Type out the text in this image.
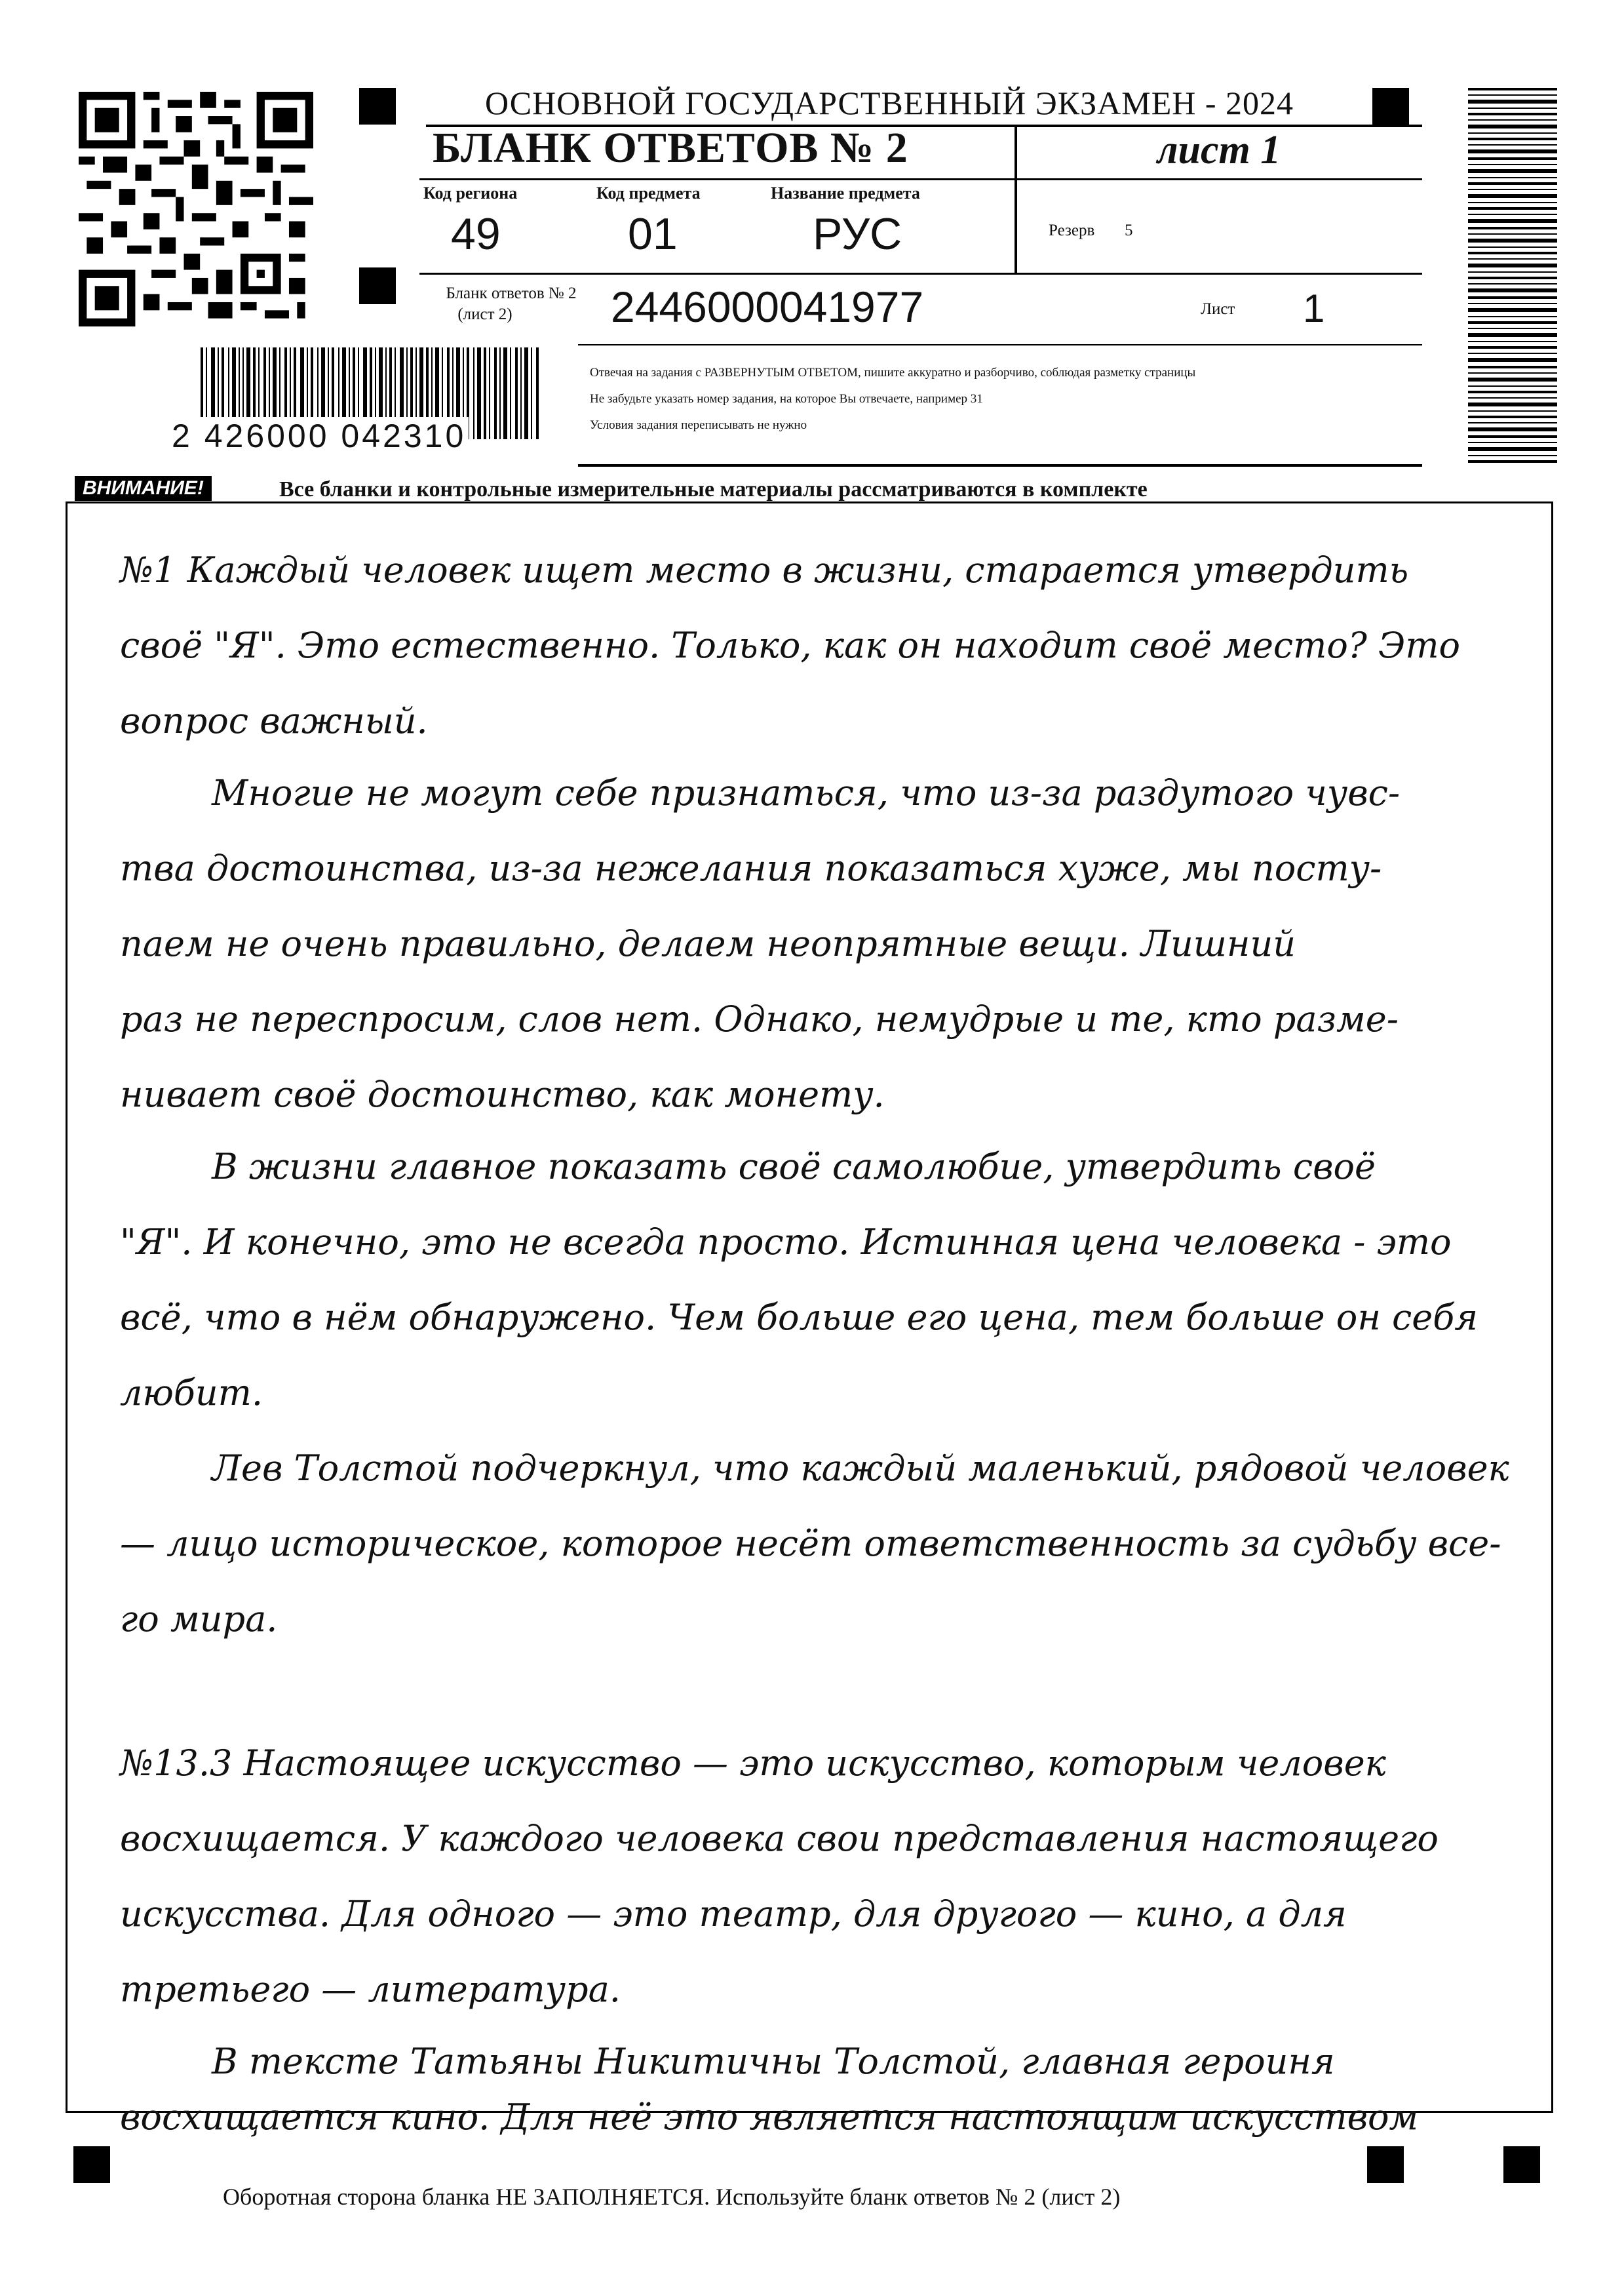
ОСНОВНОЙ ГОСУДАРСТВЕННЫЙ ЭКЗАМЕН - 2024
БЛАНК ОТВЕТОВ № 2	лист 1
Код региона
49
Код предмета
01
Название предмета
РУС	Резерв 5
Бланк ответов № 2
(лист 2)	2446000041977	Лист 1
Отвечая на задания с РАЗВЕРНУТЫМ ОТВЕТОМ, пишите аккуратно и разборчиво, соблюдая разметку страницы
Не забудьте указать номер задания, на которое Вы отвечаете, например 31
Условия задания переписывать не нужно
2 426000 042310
ВНИМАНИЕ!	Все бланки и контрольные измерительные материалы рассматриваются в комплекте
№1 Каждый человек ищет место в жизни, старается утвердить
своё "Я". Это естественно. Только, как он находит своё место? Это
вопрос важный.
Многие не могут себе признаться, что из-за раздутого чувс-
тва достоинства, из-за нежелания показаться хуже, мы посту-
паем не очень правильно, делаем неопрятные вещи. Лишний
раз не переспросим, слов нет. Однако, немудрые и те, кто разме-
нивает своё достоинство, как монету.
В жизни главное показать своё самолюбие, утвердить своё
"Я". И конечно, это не всегда просто. Истинная цена человека - это
всё, что в нём обнаружено. Чем больше его цена, тем больше он себя
любит.
Лев Толстой подчеркнул, что каждый маленький, рядовой человек
— лицо историческое, которое несёт ответственность за судьбу все-
го мира.
№13.3 Настоящее искусство — это искусство, которым человек
восхищается. У каждого человека свои представления настоящего
искусства. Для одного — это театр, для другого — кино, а для
третьего — литература.
В тексте Татьяны Никитичны Толстой, главная героиня
восхищается кино. Для неё это является настоящим искусством
Оборотная сторона бланка НЕ ЗАПОЛНЯЕТСЯ. Используйте бланк ответов № 2 (лист 2)
